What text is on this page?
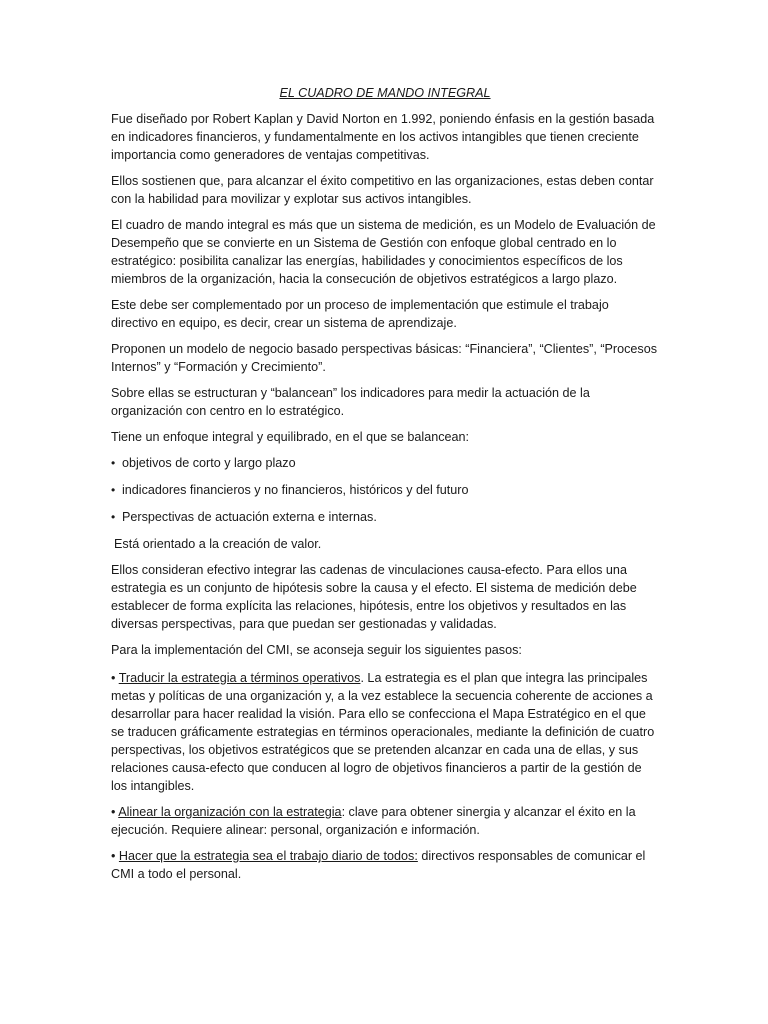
EL CUADRO DE MANDO INTEGRAL

Fue diseñado por Robert Kaplan y David Norton en 1.992, poniendo énfasis en la gestión basada en indicadores financieros, y fundamentalmente en los activos intangibles que tienen creciente importancia como generadores de ventajas competitivas.

Ellos sostienen que, para alcanzar el éxito competitivo en las organizaciones, estas deben contar con la habilidad para movilizar y explotar sus activos intangibles.

El cuadro de mando integral es más que un sistema de medición, es un Modelo de Evaluación de Desempeño que se convierte en un Sistema de Gestión con enfoque global centrado en lo estratégico: posibilita canalizar las energías, habilidades y conocimientos específicos de los miembros de la organización, hacia la consecución de objetivos estratégicos a largo plazo.

Este debe ser complementado por un proceso de implementación que estimule el trabajo directivo en equipo, es decir, crear un sistema de aprendizaje.

Proponen un modelo de negocio basado perspectivas básicas: “Financiera”, “Clientes”, “Procesos Internos” y “Formación y Crecimiento”.

Sobre ellas se estructuran y “balancean” los indicadores para medir la actuación de la organización con centro en lo estratégico.

Tiene un enfoque integral y equilibrado, en el que se balancean:

• objetivos de corto y largo plazo
• indicadores financieros y no financieros, históricos y del futuro
• Perspectivas de actuación externa e internas.

Está orientado a la creación de valor.

Ellos consideran efectivo integrar las cadenas de vinculaciones causa-efecto. Para ellos una estrategia es un conjunto de hipótesis sobre la causa y el efecto. El sistema de medición debe establecer de forma explícita las relaciones, hipótesis, entre los objetivos y resultados en las diversas perspectivas, para que puedan ser gestionadas y validadas.

Para la implementación del CMI, se aconseja seguir los siguientes pasos:

• Traducir la estrategia a términos operativos. La estrategia es el plan que integra las principales metas y políticas de una organización y, a la vez establece la secuencia coherente de acciones a desarrollar para hacer realidad la visión. Para ello se confecciona el Mapa Estratégico en el que se traducen gráficamente estrategias en términos operacionales, mediante la definición de cuatro perspectivas, los objetivos estratégicos que se pretenden alcanzar en cada una de ellas, y sus relaciones causa-efecto que conducen al logro de objetivos financieros a partir de la gestión de los intangibles.

• Alinear la organización con la estrategia: clave para obtener sinergia y alcanzar el éxito en la ejecución. Requiere alinear: personal, organización e información.

• Hacer que la estrategia sea el trabajo diario de todos: directivos responsables de comunicar el CMI a todo el personal.
